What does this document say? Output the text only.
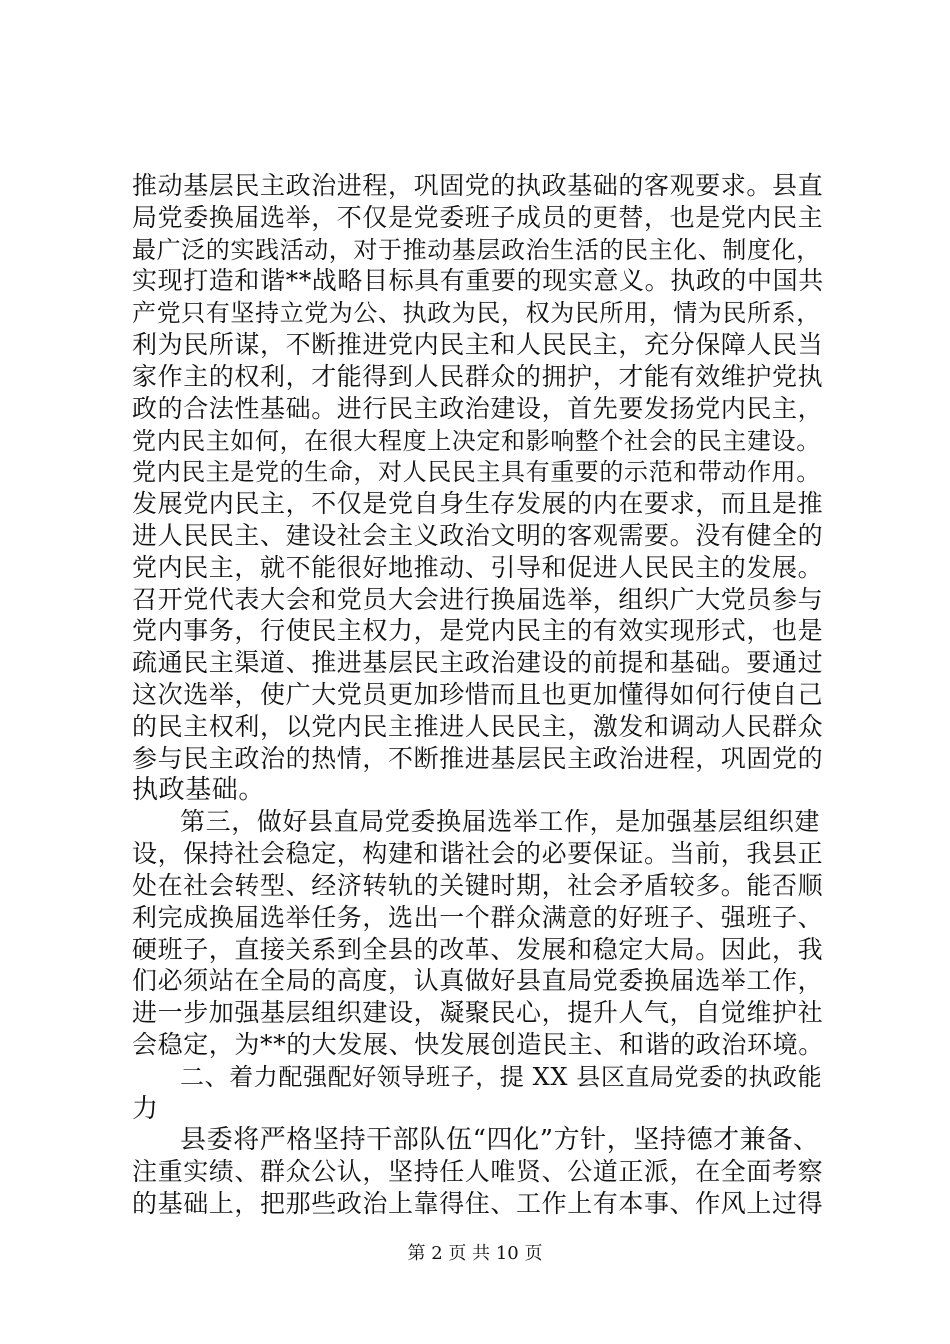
推动基层民主政治进程，巩固党的执政基础的客观要求。县直
局党委换届选举，不仅是党委班子成员的更替，也是党内民主
最广泛的实践活动，对于推动基层政治生活的民主化、制度化，
实现打造和谐**战略目标具有重要的现实意义。执政的中国共
产党只有坚持立党为公、执政为民，权为民所用，情为民所系，
利为民所谋，不断推进党内民主和人民民主，充分保障人民当
家作主的权利，才能得到人民群众的拥护，才能有效维护党执
政的合法性基础。进行民主政治建设，首先要发扬党内民主，
党内民主如何，在很大程度上决定和影响整个社会的民主建设。
党内民主是党的生命，对人民民主具有重要的示范和带动作用。
发展党内民主，不仅是党自身生存发展的内在要求，而且是推
进人民民主、建设社会主义政治文明的客观需要。没有健全的
党内民主，就不能很好地推动、引导和促进人民民主的发展。
召开党代表大会和党员大会进行换届选举，组织广大党员参与
党内事务，行使民主权力，是党内民主的有效实现形式，也是
疏通民主渠道、推进基层民主政治建设的前提和基础。要通过
这次选举，使广大党员更加珍惜而且也更加懂得如何行使自己
的民主权利，以党内民主推进人民民主，激发和调动人民群众
参与民主政治的热情，不断推进基层民主政治进程，巩固党的
执政基础。
第三，做好县直局党委换届选举工作，是加强基层组织建
设，保持社会稳定，构建和谐社会的必要保证。当前，我县正
处在社会转型、经济转轨的关键时期，社会矛盾较多。能否顺
利完成换届选举任务，选出一个群众满意的好班子、强班子、
硬班子，直接关系到全县的改革、发展和稳定大局。因此，我
们必须站在全局的高度，认真做好县直局党委换届选举工作，
进一步加强基层组织建设，凝聚民心，提升人气，自觉维护社
会稳定，为**的大发展、快发展创造民主、和谐的政治环境。
二、着力配强配好领导班子，提 XX 县区直局党委的执政能
力
县委将严格坚持干部队伍“四化”方针，坚持德才兼备、
注重实绩、群众公认，坚持任人唯贤、公道正派，在全面考察
的基础上，把那些政治上靠得住、工作上有本事、作风上过得
第 2 页 共 10 页
